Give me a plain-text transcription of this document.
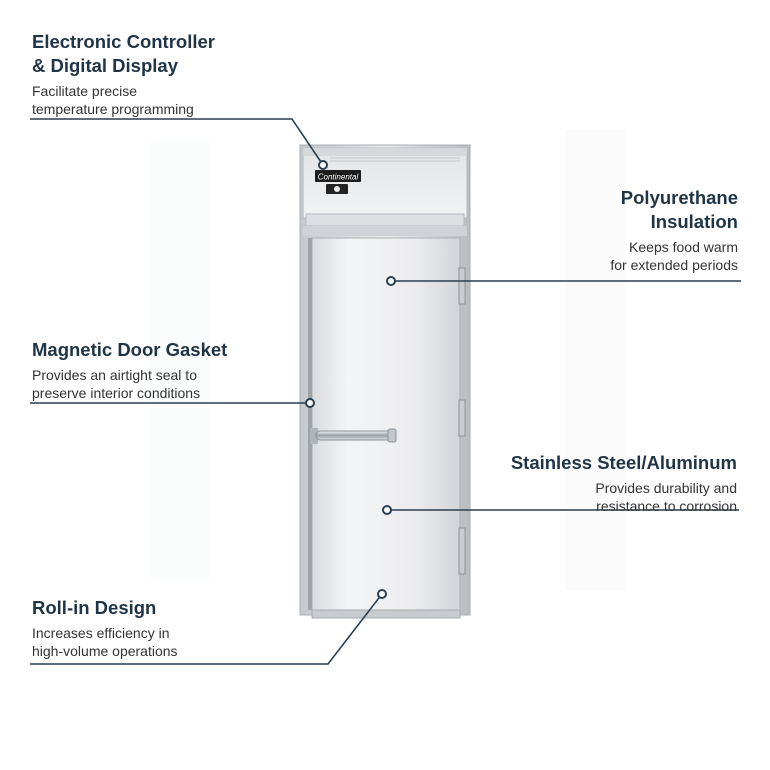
Continental
Electronic Controller
& Digital Display
Facilitate precise
temperature programming
Polyurethane
Insulation
Keeps food warm
for extended periods
Magnetic Door Gasket
Provides an airtight seal to
preserve interior conditions
Stainless Steel/Aluminum
Provides durability and
resistance to corrosion
Roll-in Design
Increases efficiency in
high-volume operations
